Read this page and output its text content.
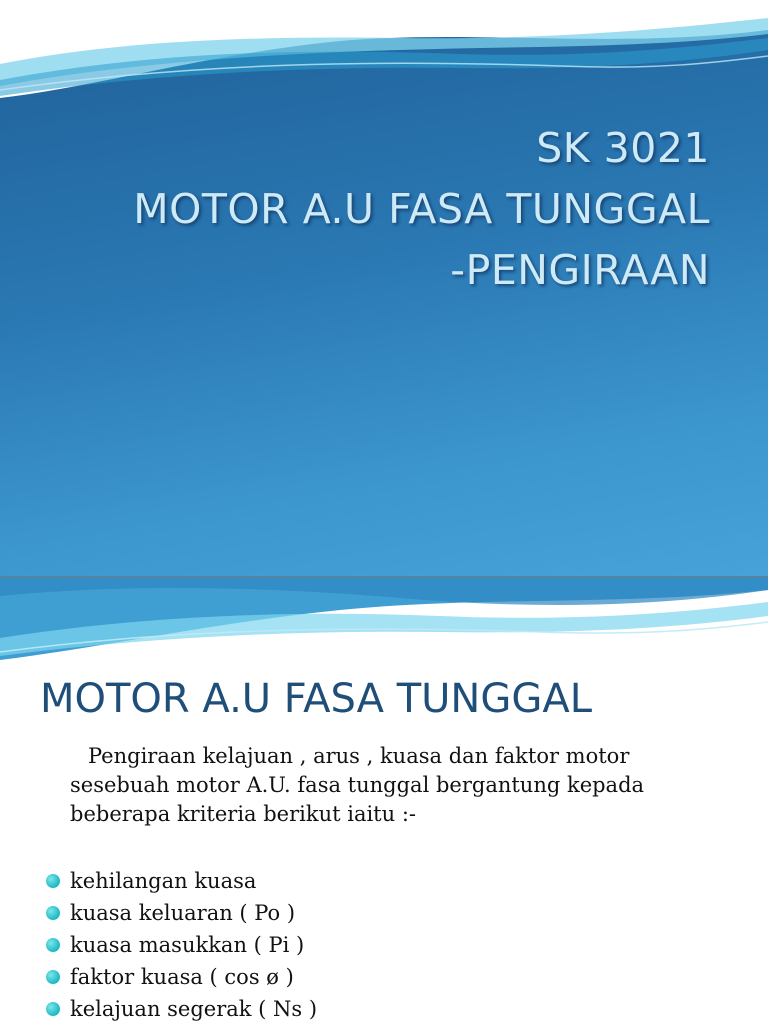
SK 3021
MOTOR A.U FASA TUNGGAL
-PENGIRAAN
MOTOR A.U FASA TUNGGAL
Pengiraan kelajuan , arus , kuasa dan faktor motor sesebuah motor A.U. fasa tunggal bergantung kepada beberapa kriteria berikut iaitu :-
kehilangan kuasa
kuasa keluaran ( Po )
kuasa masukkan ( Pi )
faktor kuasa ( cos ø )
kelajuan segerak ( Ns )
